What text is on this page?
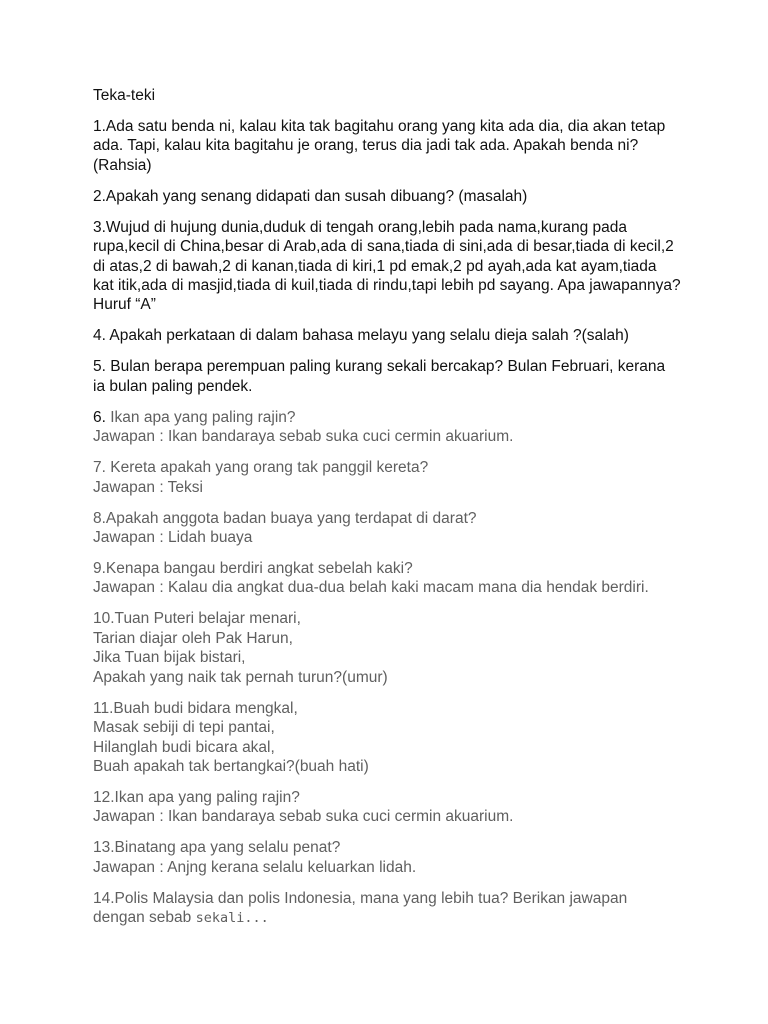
Teka-teki

1.Ada satu benda ni, kalau kita tak bagitahu orang yang kita ada dia, dia akan tetap
ada. Tapi, kalau kita bagitahu je orang, terus dia jadi tak ada. Apakah benda ni?
(Rahsia)

2.Apakah yang senang didapati dan susah dibuang? (masalah)

3.Wujud di hujung dunia,duduk di tengah orang,lebih pada nama,kurang pada
rupa,kecil di China,besar di Arab,ada di sana,tiada di sini,ada di besar,tiada di kecil,2
di atas,2 di bawah,2 di kanan,tiada di kiri,1 pd emak,2 pd ayah,ada kat ayam,tiada
kat itik,ada di masjid,tiada di kuil,tiada di rindu,tapi lebih pd sayang. Apa jawapannya?
Huruf “A”

4. Apakah perkataan di dalam bahasa melayu yang selalu dieja salah ?(salah)

5. Bulan berapa perempuan paling kurang sekali bercakap? Bulan Februari, kerana
ia bulan paling pendek.

6. Ikan apa yang paling rajin?
Jawapan : Ikan bandaraya sebab suka cuci cermin akuarium.

7. Kereta apakah yang orang tak panggil kereta?
Jawapan : Teksi

8.Apakah anggota badan buaya yang terdapat di darat?
Jawapan : Lidah buaya

9.Kenapa bangau berdiri angkat sebelah kaki?
Jawapan : Kalau dia angkat dua-dua belah kaki macam mana dia hendak berdiri.

10.Tuan Puteri belajar menari,
Tarian diajar oleh Pak Harun,
Jika Tuan bijak bistari,
Apakah yang naik tak pernah turun?(umur)

11.Buah budi bidara mengkal,
Masak sebiji di tepi pantai,
Hilanglah budi bicara akal,
Buah apakah tak bertangkai?(buah hati)

12.Ikan apa yang paling rajin?
Jawapan : Ikan bandaraya sebab suka cuci cermin akuarium.

13.Binatang apa yang selalu penat?
Jawapan : Anjng kerana selalu keluarkan lidah.

14.Polis Malaysia dan polis Indonesia, mana yang lebih tua? Berikan jawapan
dengan sebab sekali...
